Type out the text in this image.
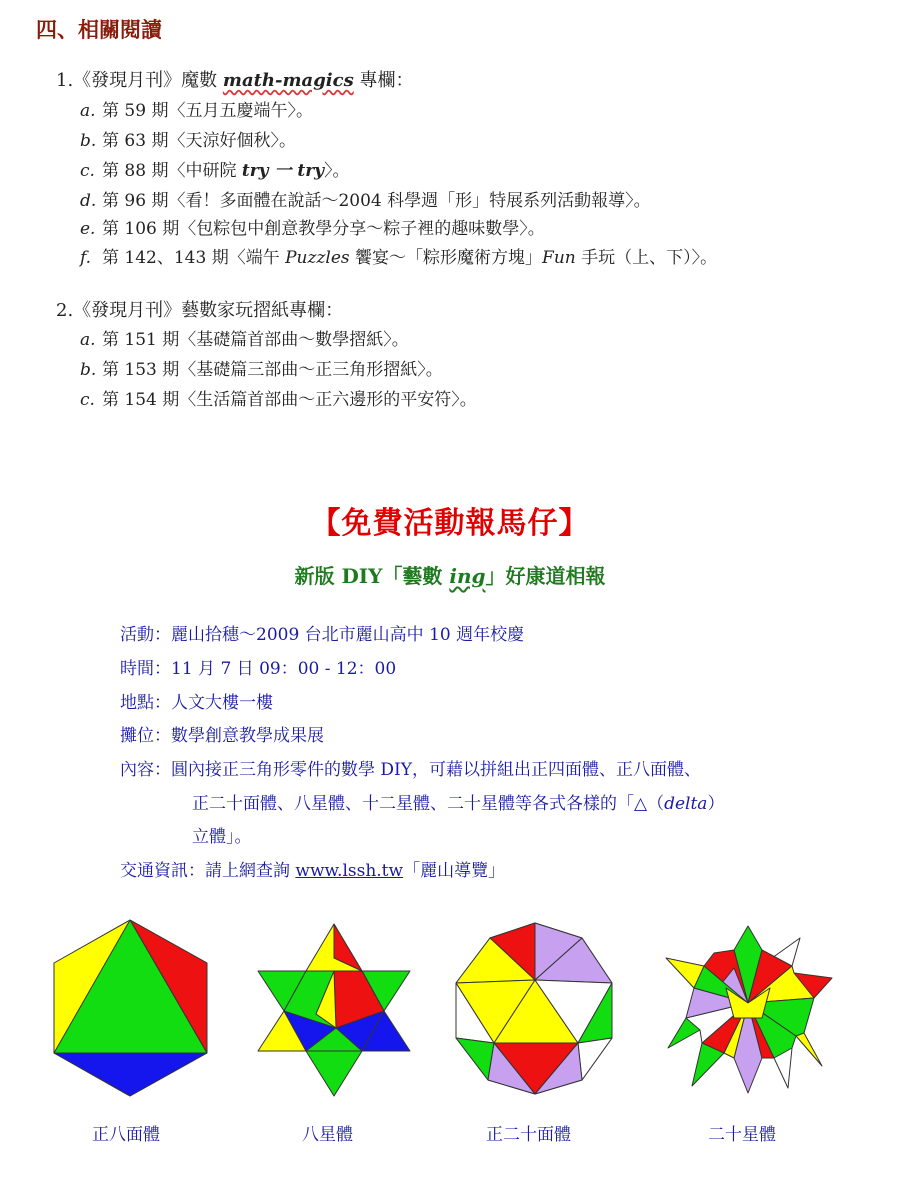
四、相關閱讀
1.《發現月刊》魔數 math-magics 專欄：
a. 第 59 期〈五月五慶端午〉。
b. 第 63 期〈天涼好個秋〉。
c. 第 88 期〈中研院 try 一 try〉。
d. 第 96 期〈看！多面體在說話～2004 科學週「形」特展系列活動報導〉。
e. 第 106 期〈包粽包中創意教學分享～粽子裡的趣味數學〉。
f. 第 142、143 期〈端午 Puzzles 饗宴～「粽形魔術方塊」Fun 手玩（上、下）〉。
2.《發現月刊》藝數家玩摺紙專欄：
a. 第 151 期〈基礎篇首部曲～數學摺紙〉。
b. 第 153 期〈基礎篇三部曲～正三角形摺紙〉。
c. 第 154 期〈生活篇首部曲～正六邊形的平安符〉。
【免費活動報馬仔】
新版 DIY「藝數 ing」好康道相報
活動：麗山拾穗～2009 台北市麗山高中 10 週年校慶
時間：11 月 7 日 09：00 - 12：00
地點：人文大樓一樓
攤位：數學創意教學成果展
內容：圓內接正三角形零件的數學 DIY，可藉以拼組出正四面體、正八面體、
正二十面體、八星體、十二星體、二十星體等各式各樣的「△（delta）
立體」。
交通資訊：請上網查詢 www.lssh.tw「麗山導覽」
正八面體	八星體	正二十面體	二十星體
